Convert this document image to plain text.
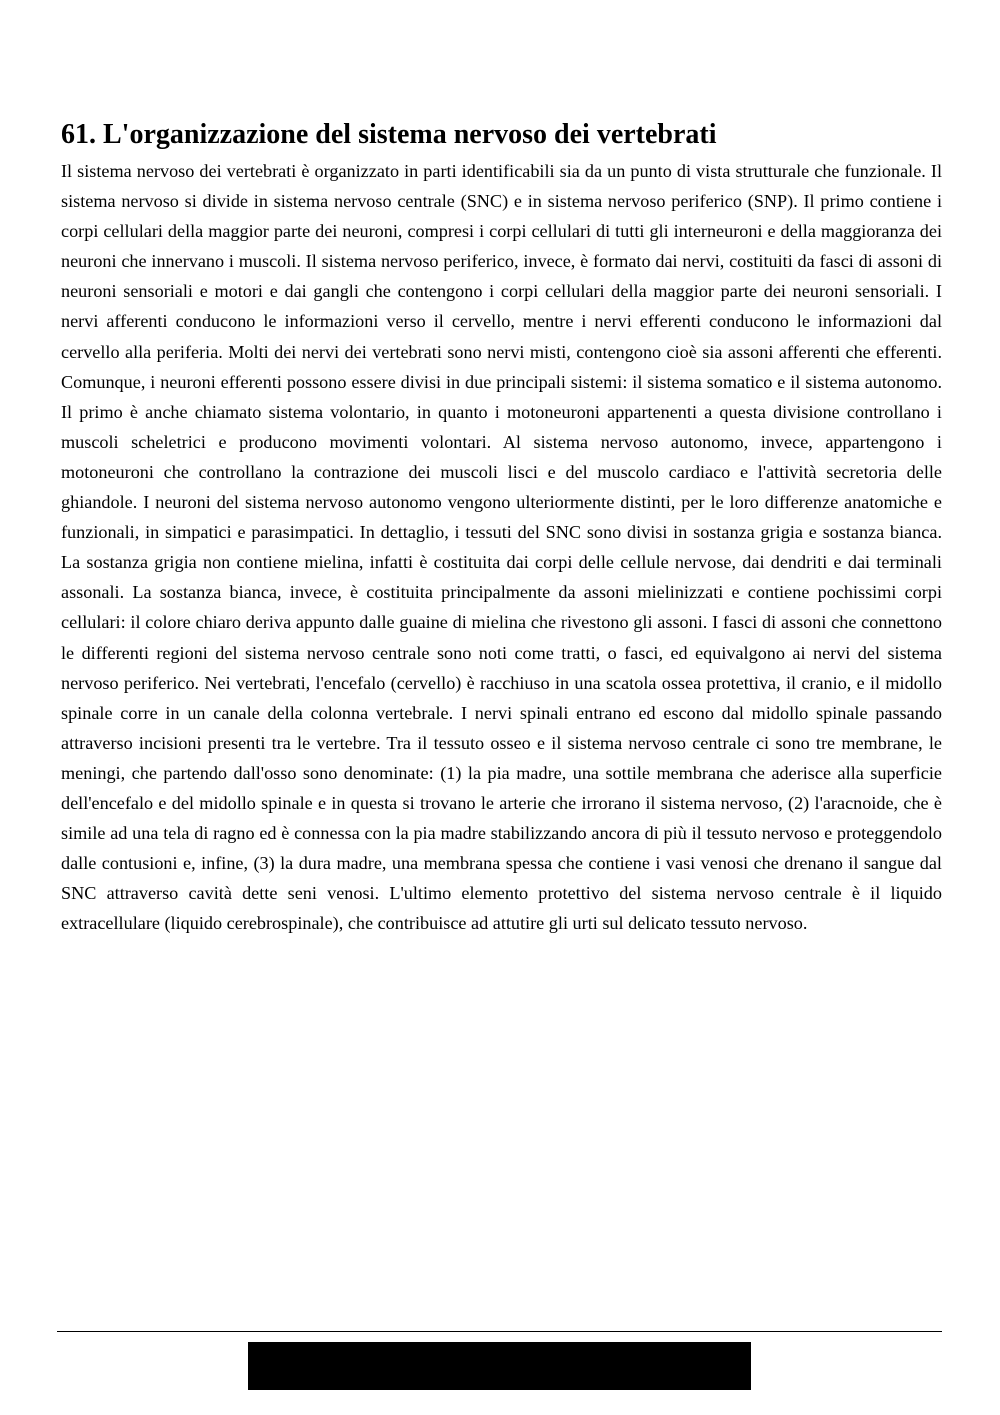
61. L'organizzazione del sistema nervoso dei vertebrati

Il sistema nervoso dei vertebrati è organizzato in parti identificabili sia da un punto di vista strutturale che funzionale. Il sistema nervoso si divide in sistema nervoso centrale (SNC) e in sistema nervoso periferico (SNP). Il primo contiene i corpi cellulari della maggior parte dei neuroni, compresi i corpi cellulari di tutti gli interneuroni e della maggioranza dei neuroni che innervano i muscoli. Il sistema nervoso periferico, invece, è formato dai nervi, costituiti da fasci di assoni di neuroni sensoriali e motori e dai gangli che contengono i corpi cellulari della maggior parte dei neuroni sensoriali. I nervi afferenti conducono le informazioni verso il cervello, mentre i nervi efferenti conducono le informazioni dal cervello alla periferia. Molti dei nervi dei vertebrati sono nervi misti, contengono cioè sia assoni afferenti che efferenti. Comunque, i neuroni efferenti possono essere divisi in due principali sistemi: il sistema somatico e il sistema autonomo. Il primo è anche chiamato sistema volontario, in quanto i motoneuroni appartenenti a questa divisione controllano i muscoli scheletrici e producono movimenti volontari. Al sistema nervoso autonomo, invece, appartengono i motoneuroni che controllano la contrazione dei muscoli lisci e del muscolo cardiaco e l'attività secretoria delle ghiandole. I neuroni del sistema nervoso autonomo vengono ulteriormente distinti, per le loro differenze anatomiche e funzionali, in simpatici e parasimpatici. In dettaglio, i tessuti del SNC sono divisi in sostanza grigia e sostanza bianca. La sostanza grigia non contiene mielina, infatti è costituita dai corpi delle cellule nervose, dai dendriti e dai terminali assonali. La sostanza bianca, invece, è costituita principalmente da assoni mielinizzati e contiene pochissimi corpi cellulari: il colore chiaro deriva appunto dalle guaine di mielina che rivestono gli assoni. I fasci di assoni che connettono le differenti regioni del sistema nervoso centrale sono noti come tratti, o fasci, ed equivalgono ai nervi del sistema nervoso periferico. Nei vertebrati, l'encefalo (cervello) è racchiuso in una scatola ossea protettiva, il cranio, e il midollo spinale corre in un canale della colonna vertebrale. I nervi spinali entrano ed escono dal midollo spinale passando attraverso incisioni presenti tra le vertebre. Tra il tessuto osseo e il sistema nervoso centrale ci sono tre membrane, le meningi, che partendo dall'osso sono denominate: (1) la pia madre, una sottile membrana che aderisce alla superficie dell'encefalo e del midollo spinale e in questa si trovano le arterie che irrorano il sistema nervoso, (2) l'aracnoide, che è simile ad una tela di ragno ed è connessa con la pia madre stabilizzando ancora di più il tessuto nervoso e proteggendolo dalle contusioni e, infine, (3) la dura madre, una membrana spessa che contiene i vasi venosi che drenano il sangue dal SNC attraverso cavità dette seni venosi. L'ultimo elemento protettivo del sistema nervoso centrale è il liquido extracellulare (liquido cerebrospinale), che contribuisce ad attutire gli urti sul delicato tessuto nervoso.
